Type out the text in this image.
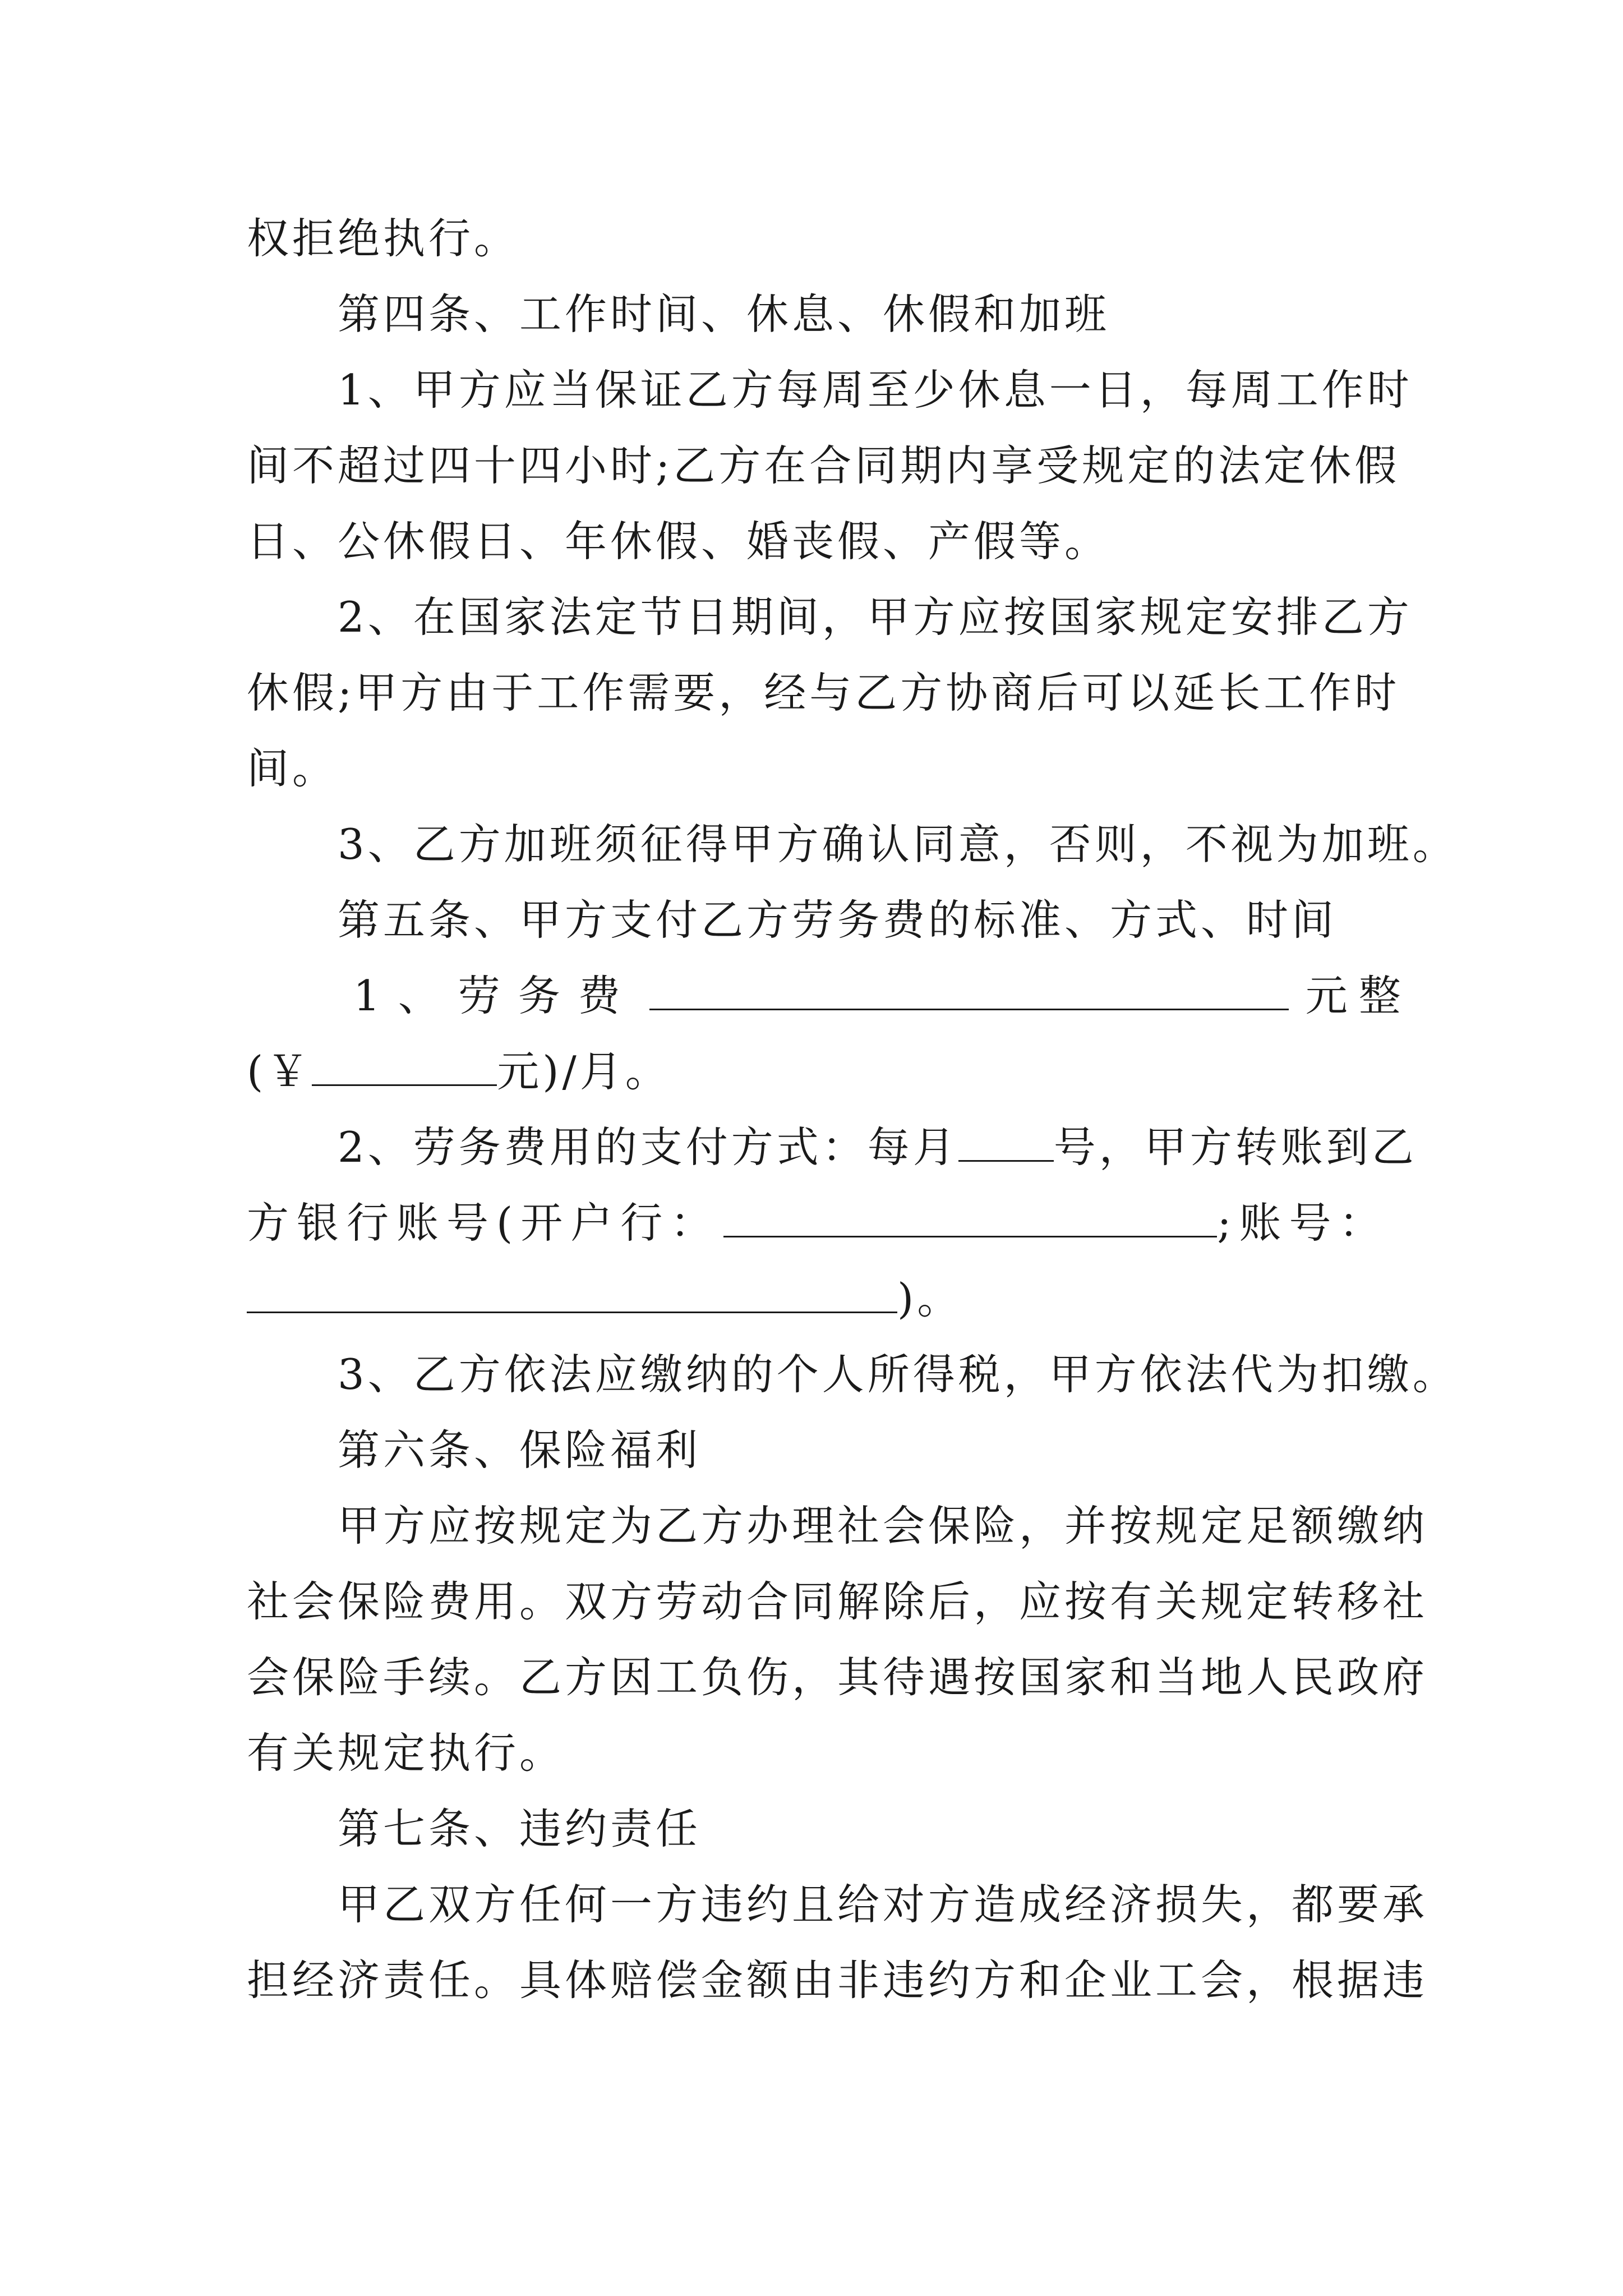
权拒绝执行。
第四条、工作时间、休息、休假和加班
1、甲方应当保证乙方每周至少休息一日，每周工作时
间不超过四十四小时;乙方在合同期内享受规定的法定休假
日、公休假日、年休假、婚丧假、产假等。
2、在国家法定节日期间，甲方应按国家规定安排乙方
休假;甲方由于工作需要，经与乙方协商后可以延长工作时
间。
3、乙方加班须征得甲方确认同意，否则，不视为加班。
第五条、甲方支付乙方劳务费的标准、方式、时间
1、劳务费	元整
(￥	元)/月。
2、劳务费用的支付方式：每月 号，甲方转账到乙
方银行账号(开户行：	;账号：
)。
3、乙方依法应缴纳的个人所得税，甲方依法代为扣缴。
第六条、保险福利
甲方应按规定为乙方办理社会保险，并按规定足额缴纳
社会保险费用。双方劳动合同解除后，应按有关规定转移社
会保险手续。乙方因工负伤，其待遇按国家和当地人民政府
有关规定执行。
第七条、违约责任
甲乙双方任何一方违约且给对方造成经济损失，都要承
担经济责任。具体赔偿金额由非违约方和企业工会，根据违
